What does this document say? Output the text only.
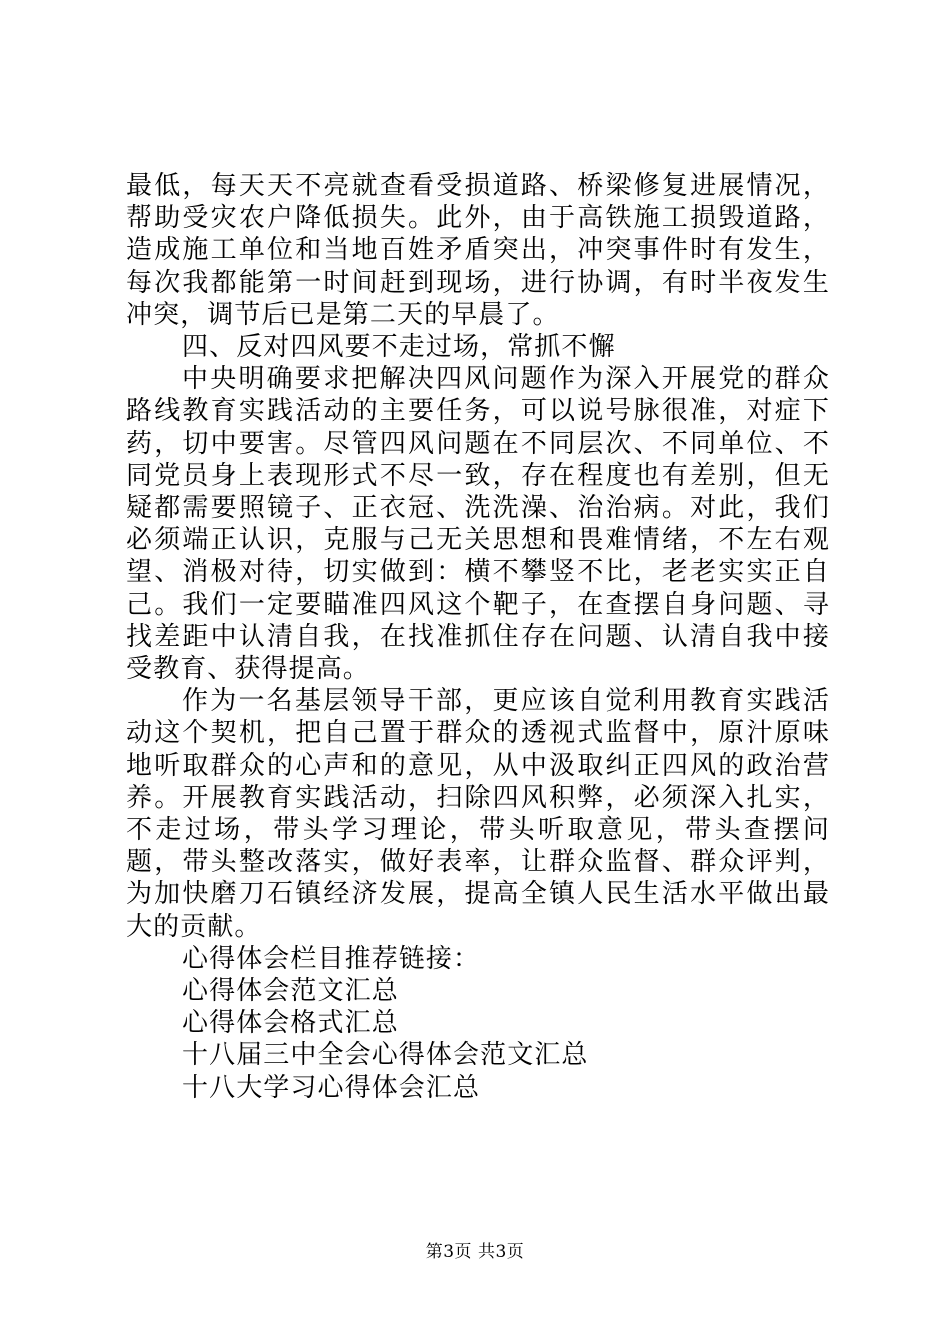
最低，每天天不亮就查看受损道路、桥梁修复进展情况，帮助受灾农户降低损失。此外，由于高铁施工损毁道路，造成施工单位和当地百姓矛盾突出，冲突事件时有发生，每次我都能第一时间赶到现场，进行协调，有时半夜发生冲突，调节后已是第二天的早晨了。

四、反对四风要不走过场，常抓不懈

中央明确要求把解决四风问题作为深入开展党的群众路线教育实践活动的主要任务，可以说号脉很准，对症下药，切中要害。尽管四风问题在不同层次、不同单位、不同党员身上表现形式不尽一致，存在程度也有差别，但无疑都需要照镜子、正衣冠、洗洗澡、治治病。对此，我们必须端正认识，克服与己无关思想和畏难情绪，不左右观望、消极对待，切实做到：横不攀竖不比，老老实实正自己。我们一定要瞄准四风这个靶子，在查摆自身问题、寻找差距中认清自我，在找准抓住存在问题、认清自我中接受教育、获得提高。

作为一名基层领导干部，更应该自觉利用教育实践活动这个契机，把自己置于群众的透视式监督中，原汁原味地听取群众的心声和的意见，从中汲取纠正四风的政治营养。开展教育实践活动，扫除四风积弊，必须深入扎实，不走过场，带头学习理论，带头听取意见，带头查摆问题，带头整改落实，做好表率，让群众监督、群众评判，为加快磨刀石镇经济发展，提高全镇人民生活水平做出最大的贡献。

心得体会栏目推荐链接：

心得体会范文汇总

心得体会格式汇总

十八届三中全会心得体会范文汇总

十八大学习心得体会汇总

第3页 共3页
